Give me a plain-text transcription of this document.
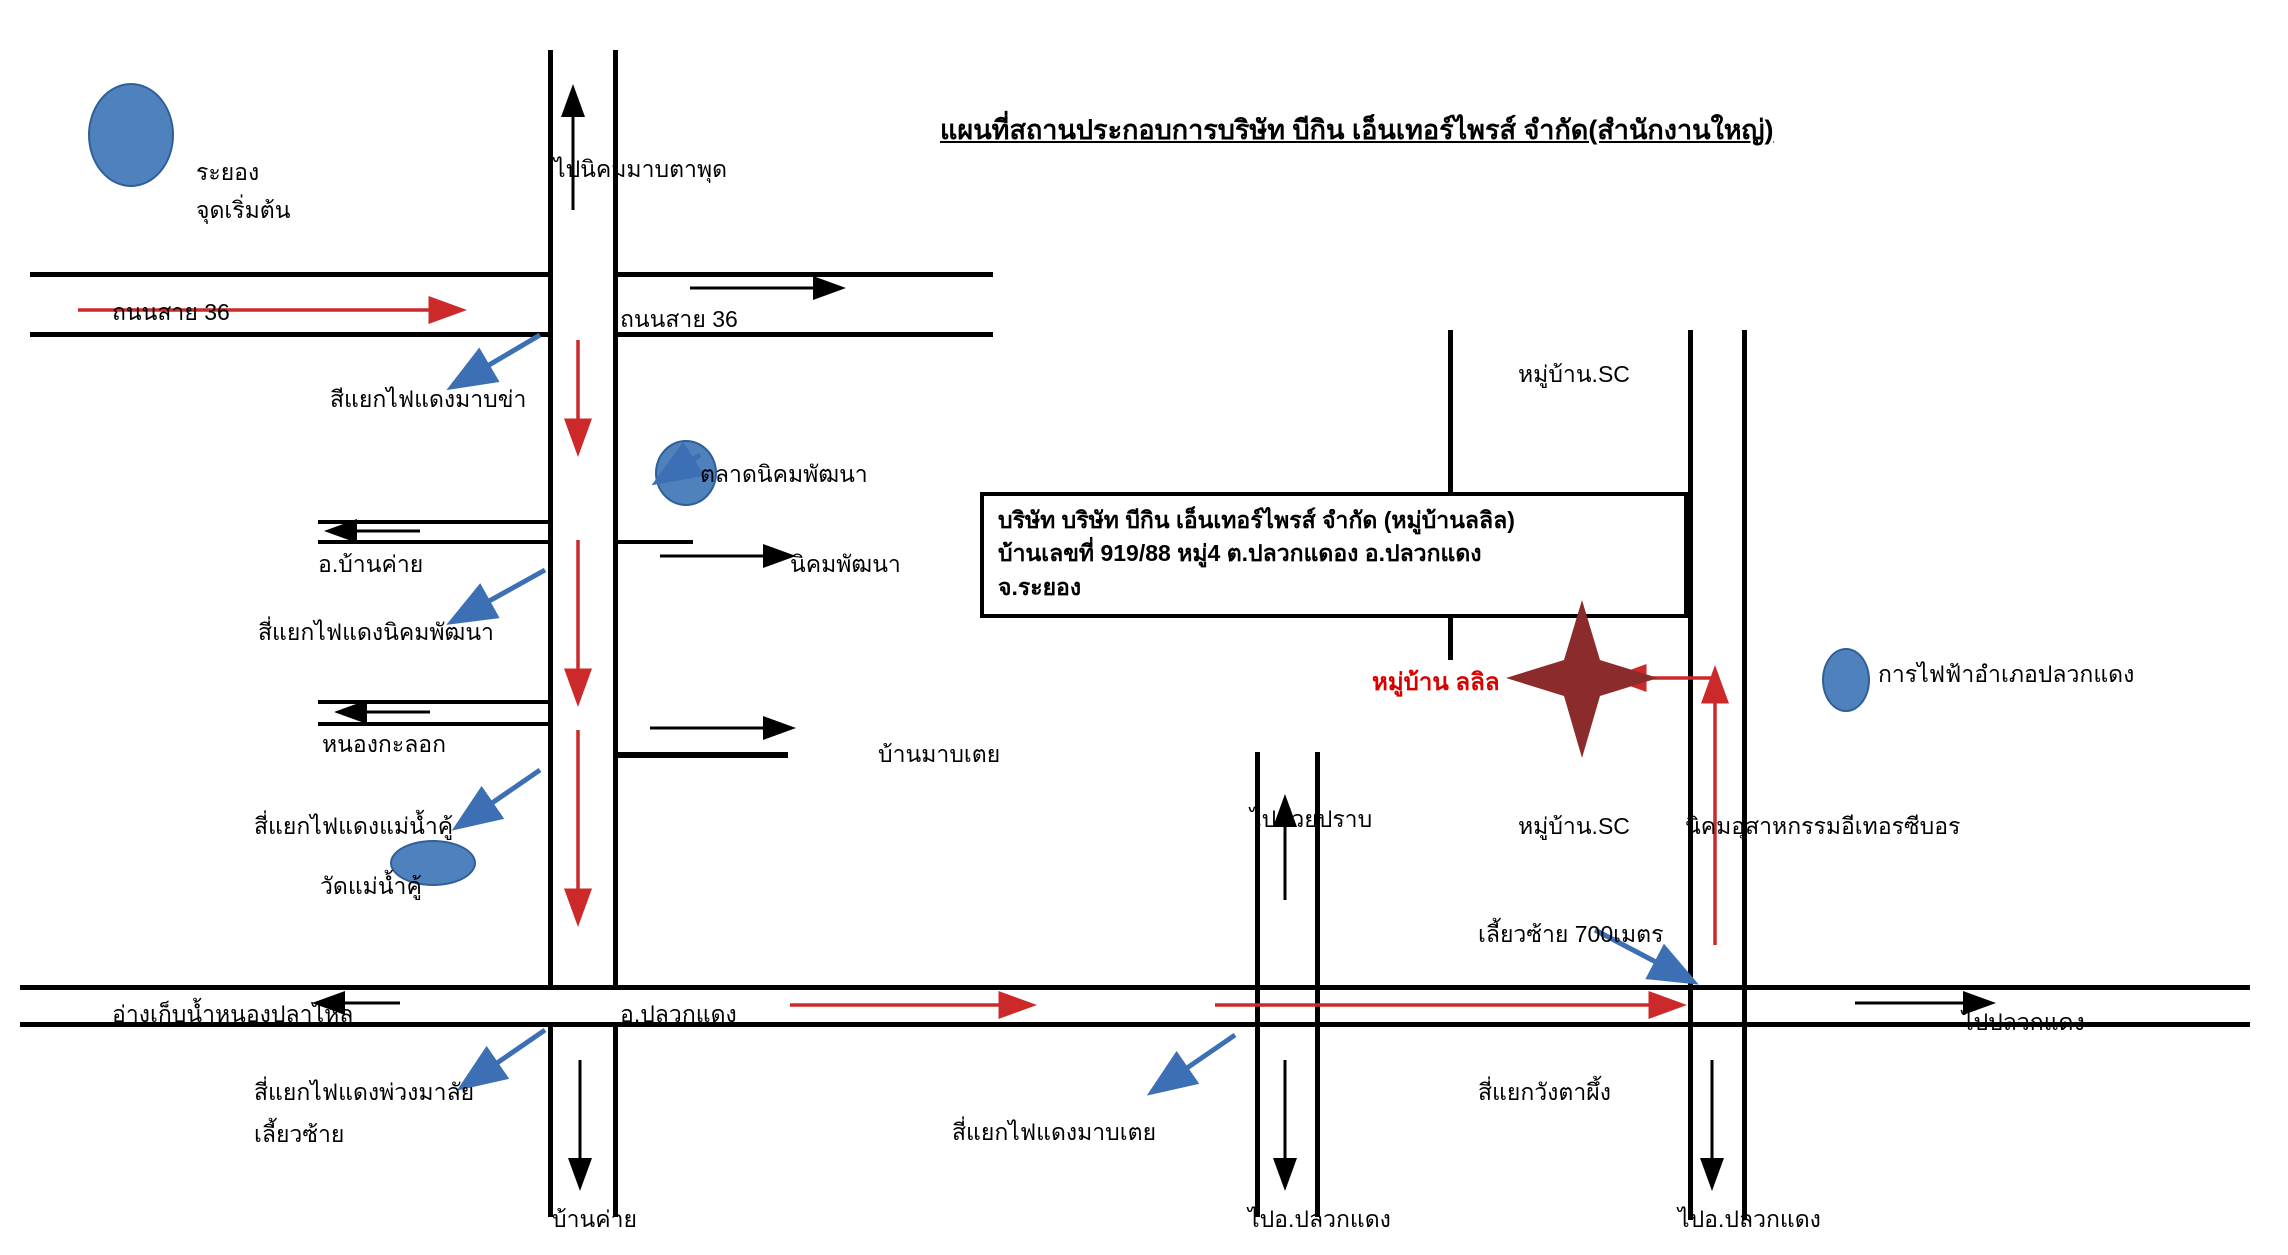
บริษัท บริษัท บีกิน เอ็นเทอร์ไพรส์ จำกัด (หมู่บ้านลลิล)
บ้านเลขที่ 919/88 หมู่4 ต.ปลวกแดอง อ.ปลวกแดง
จ.ระยอง
แผนที่สถานประกอบการบริษัท บีกิน เอ็นเทอร์ไพรส์ จำกัด(สำนักงานใหญ่)
ระยอง
จุดเริ่มต้น
ไปนิคมมาบตาพุด
ถนนสาย 36	ถนนสาย 36
สีแยกไฟแดงมาบข่า
ตลาดนิคมพัฒนา
อ.บ้านค่าย	นิคมพัฒนา
สี่แยกไฟแดงนิคมพัฒนา
หนองกะลอก	บ้านมาบเตย
สี่แยกไฟแดงแม่น้ำคู้
วัดแม่น้ำคู้
อ่างเก็บน้ำหนองปลาไหล	อ.ปลวกแดง
สี่แยกไฟแดงพ่วงมาลัย
เลี้ยวซ้าย
บ้านค่าย
ไปห้วยปราบ	หมู่บ้าน.SC
หมู่บ้าน.SC
สี่แยกไฟแดงมาบเตย
ไปอ.ปลวกแดง
สี่แยกวังตาผึ้ง
เลี้ยวซ้าย 700เมตร
นิคมอุสาหกรรมอีเทอรซีบอร
ไปอ.ปลวกแดง
ไปปลวกแดง
การไฟฟ้าอำเภอปลวกแดง
หมู่บ้าน ลลิล
